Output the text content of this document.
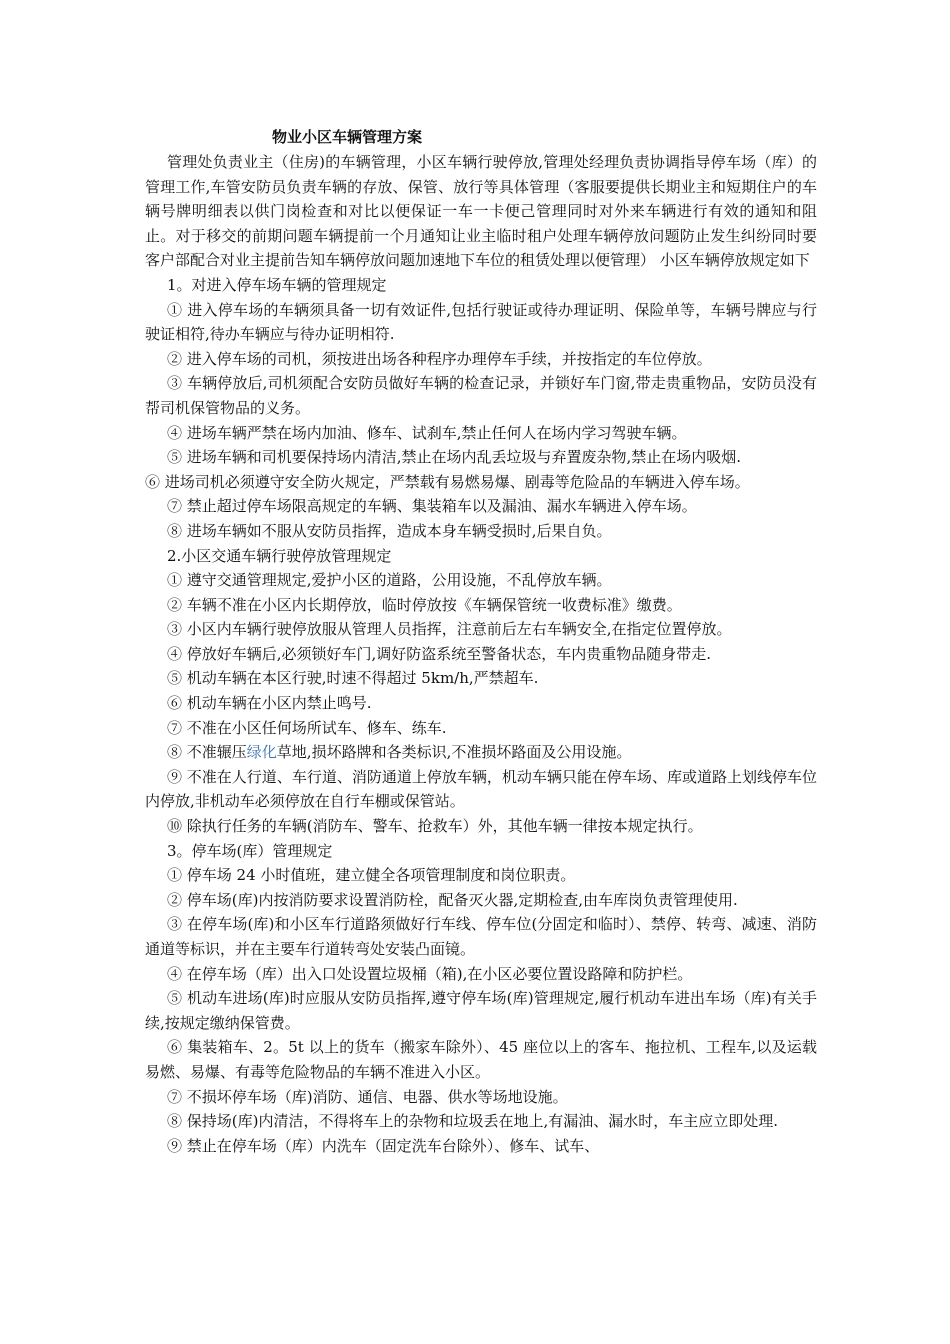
物业小区车辆管理方案

管理处负责业主（住房)的车辆管理，小区车辆行驶停放,管理处经理负责协调指导停车场（库）的管理工作,车管安防员负责车辆的存放、保管、放行等具体管理（客服要提供长期业主和短期住户的车辆号牌明细表以供门岗检查和对比以便保证一车一卡便己管理同时对外来车辆进行有效的通知和阻止。对于移交的前期问题车辆提前一个月通知让业主临时租户处理车辆停放问题防止发生纠纷同时要客户部配合对业主提前告知车辆停放问题加速地下车位的租赁处理以便管理） 小区车辆停放规定如下

1。对进入停车场车辆的管理规定

① 进入停车场的车辆须具备一切有效证件,包括行驶证或待办理证明、保险单等，车辆号牌应与行驶证相符,待办车辆应与待办证明相符.

② 进入停车场的司机，须按进出场各种程序办理停车手续，并按指定的车位停放。

③ 车辆停放后,司机须配合安防员做好车辆的检查记录，并锁好车门窗,带走贵重物品，安防员没有帮司机保管物品的义务。

④ 进场车辆严禁在场内加油、修车、试刹车,禁止任何人在场内学习驾驶车辆。

⑤ 进场车辆和司机要保持场内清洁,禁止在场内乱丢垃圾与弃置废杂物,禁止在场内吸烟.

⑥ 进场司机必须遵守安全防火规定，严禁载有易燃易爆、剧毒等危险品的车辆进入停车场。

⑦ 禁止超过停车场限高规定的车辆、集装箱车以及漏油、漏水车辆进入停车场。

⑧ 进场车辆如不服从安防员指挥，造成本身车辆受损时,后果自负。

2.小区交通车辆行驶停放管理规定

① 遵守交通管理规定,爱护小区的道路，公用设施，不乱停放车辆。

② 车辆不准在小区内长期停放，临时停放按《车辆保管统一收费标准》缴费。

③ 小区内车辆行驶停放服从管理人员指挥，注意前后左右车辆安全,在指定位置停放。

④ 停放好车辆后,必须锁好车门,调好防盗系统至警备状态，车内贵重物品随身带走.

⑤ 机动车辆在本区行驶,时速不得超过 5km/h,严禁超车.

⑥ 机动车辆在小区内禁止鸣号.

⑦ 不准在小区任何场所试车、修车、练车.

⑧ 不准辗压绿化草地,损坏路牌和各类标识,不准损坏路面及公用设施。

⑨ 不准在人行道、车行道、消防通道上停放车辆，机动车辆只能在停车场、库或道路上划线停车位内停放,非机动车必须停放在自行车棚或保管站。

⑩ 除执行任务的车辆(消防车、警车、抢救车）外，其他车辆一律按本规定执行。

3。停车场(库）管理规定

① 停车场 24 小时值班，建立健全各项管理制度和岗位职责。

② 停车场(库)内按消防要求设置消防栓，配备灭火器,定期检查,由车库岗负责管理使用.

③ 在停车场(库)和小区车行道路须做好行车线、停车位(分固定和临时）、禁停、转弯、减速、消防通道等标识，并在主要车行道转弯处安装凸面镜。

④ 在停车场（库）出入口处设置垃圾桶（箱),在小区必要位置设路障和防护栏。

⑤ 机动车进场(库)时应服从安防员指挥,遵守停车场(库)管理规定,履行机动车进出车场（库)有关手续,按规定缴纳保管费。

⑥ 集装箱车、2。5t 以上的货车（搬家车除外）、45 座位以上的客车、拖拉机、工程车,以及运载易燃、易爆、有毒等危险物品的车辆不准进入小区。

⑦ 不损坏停车场（库)消防、通信、电器、供水等场地设施。

⑧ 保持场(库)内清洁，不得将车上的杂物和垃圾丢在地上,有漏油、漏水时，车主应立即处理.

⑨ 禁止在停车场（库）内洗车（固定洗车台除外）、修车、试车、
